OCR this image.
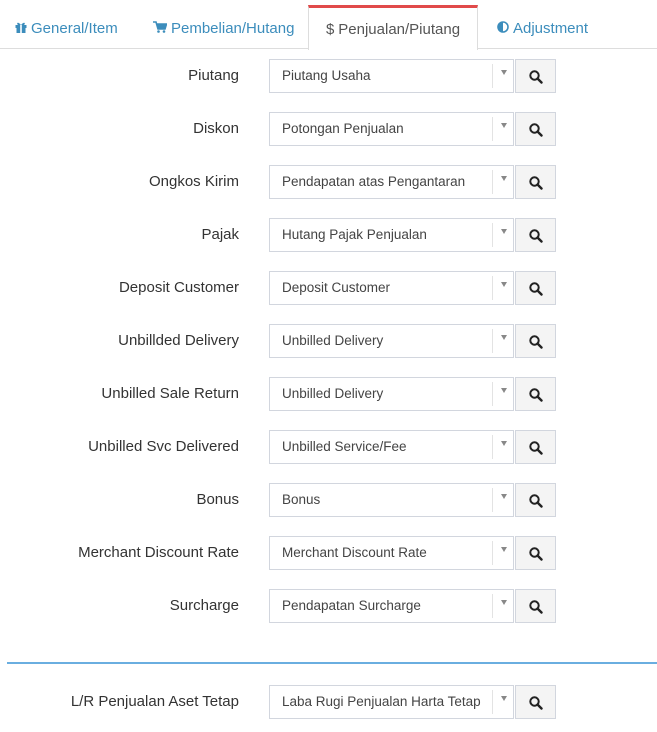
General/Item	Pembelian/Hutang $ Penjualan/Piutang	Adjustment
Piutang	Piutang Usaha
Diskon	Potongan Penjualan
Ongkos Kirim	Pendapatan atas Pengantaran
Pajak	Hutang Pajak Penjualan
Deposit Customer	Deposit Customer
Unbillded Delivery	Unbilled Delivery
Unbilled Sale Return	Unbilled Delivery
Unbilled Svc Delivered	Unbilled Service/Fee
Bonus	Bonus
Merchant Discount Rate	Merchant Discount Rate
Surcharge	Pendapatan Surcharge
L/R Penjualan Aset Tetap	Laba Rugi Penjualan Harta Tetap
